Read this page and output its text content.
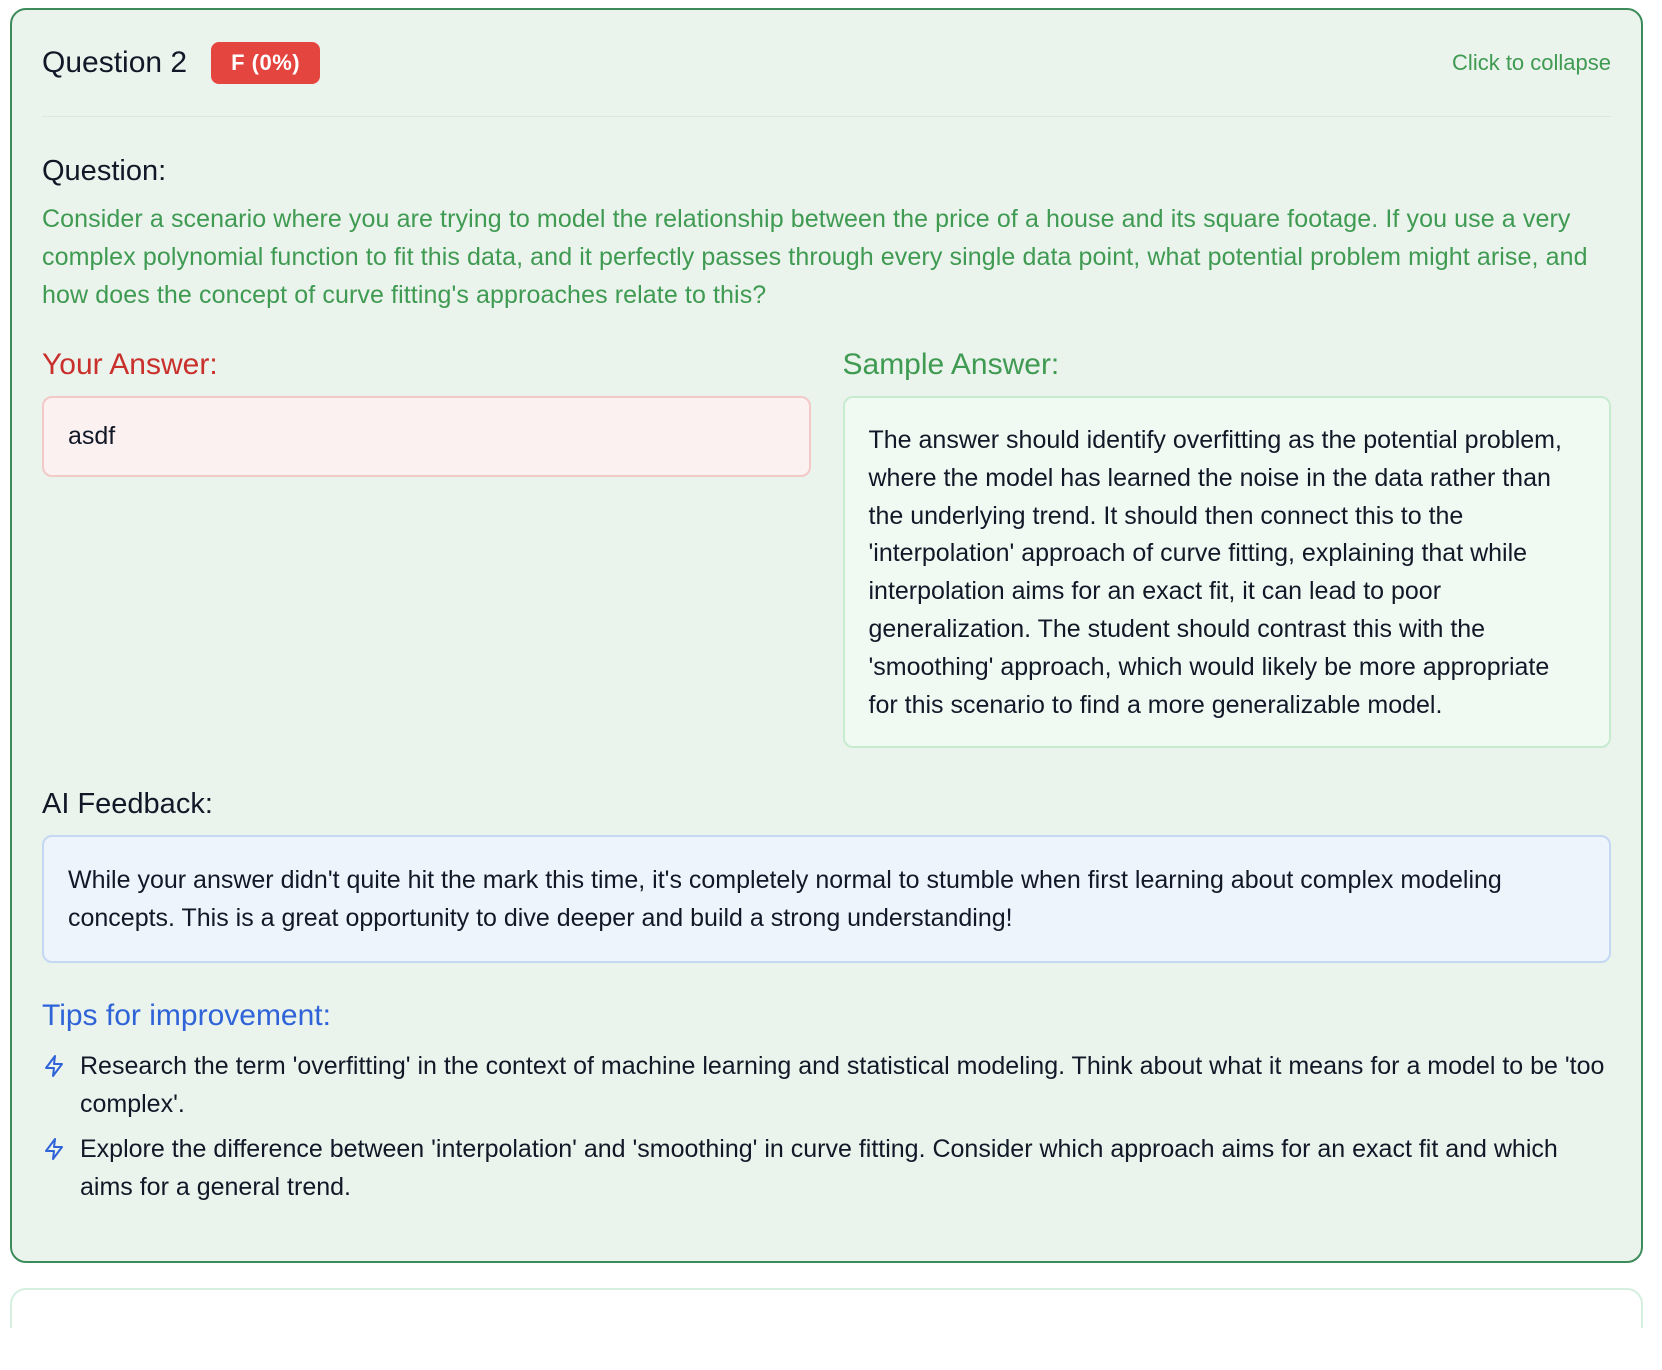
Question 2	F (0%)	Click to collapse
Question:
Consider a scenario where you are trying to model the relationship between the price of a house and its square footage. If you use a very complex polynomial function to fit this data, and it perfectly passes through every single data point, what potential problem might arise, and how does the concept of curve fitting's approaches relate to this?
Your Answer:
asdf
Sample Answer:
The answer should identify overfitting as the potential problem, where the model has learned the noise in the data rather than the underlying trend. It should then connect this to the 'interpolation' approach of curve fitting, explaining that while interpolation aims for an exact fit, it can lead to poor generalization. The student should contrast this with the 'smoothing' approach, which would likely be more appropriate for this scenario to find a more generalizable model.
AI Feedback:
While your answer didn't quite hit the mark this time, it's completely normal to stumble when first learning about complex modeling concepts. This is a great opportunity to dive deeper and build a strong understanding!
Tips for improvement:
Research the term 'overfitting' in the context of machine learning and statistical modeling. Think about what it means for a model to be 'too complex'.
Explore the difference between 'interpolation' and 'smoothing' in curve fitting. Consider which approach aims for an exact fit and which aims for a general trend.
